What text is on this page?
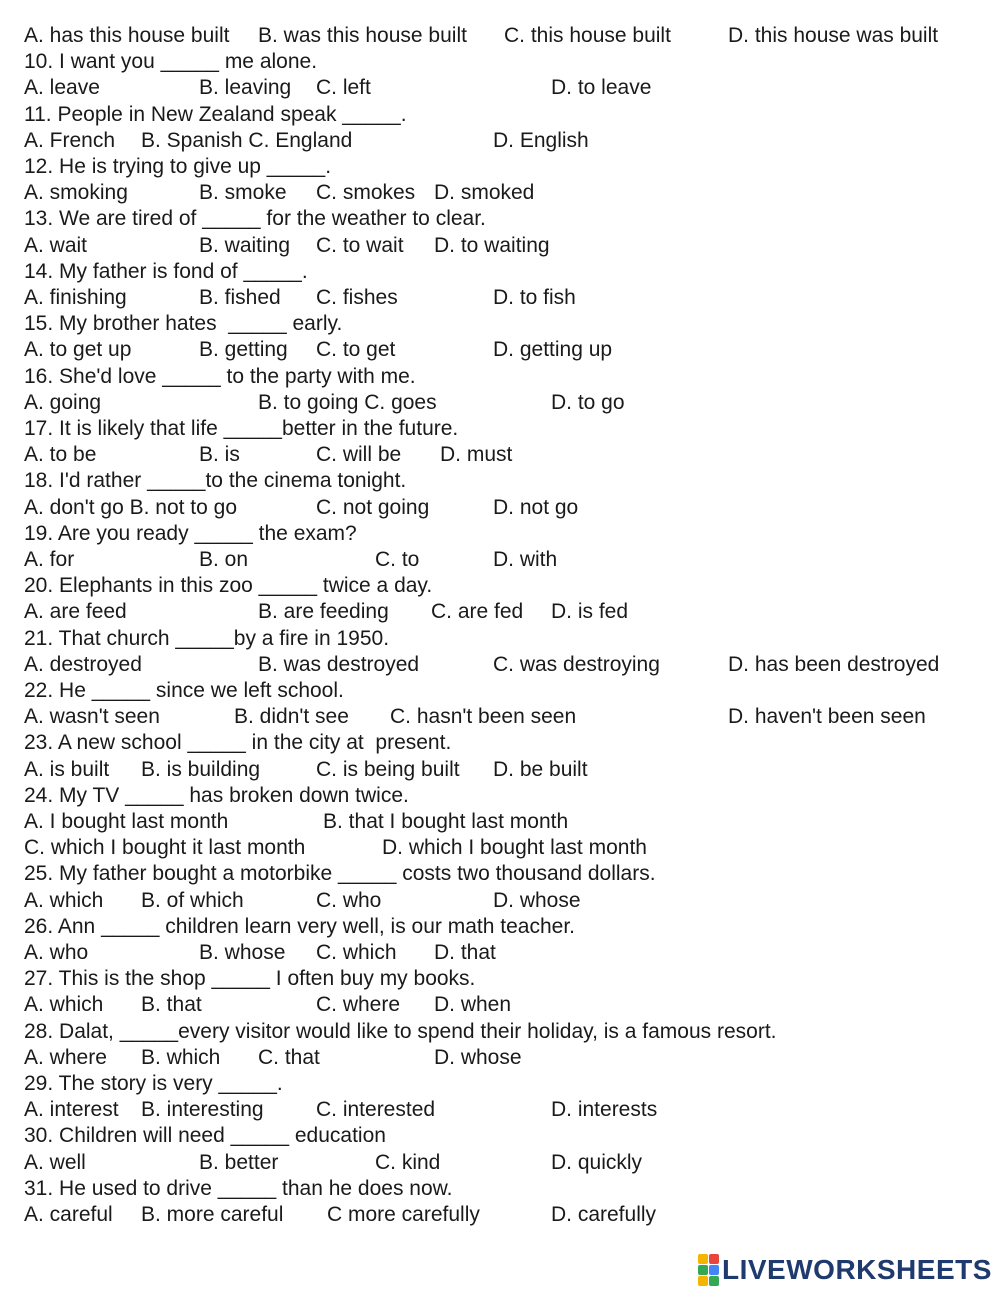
A. has this house built B. was this house built C. this house built	D. this house was built
10. I want you _____ me alone.
A. leave	B. leaving C. left	D. to leave
11. People in New Zealand speak _____.
A. French B. Spanish C. England	D. English
12. He is trying to give up _____.
A. smoking	B. smoke C. smokes D. smoked
13. We are tired of _____ for the weather to clear.
A. wait	B. waiting C. to wait D. to waiting
14. My father is fond of _____.
A. finishing	B. fished C. fishes	D. to fish
15. My brother hates  _____ early.
A. to get up	B. getting C. to get	D. getting up
16. She'd love _____ to the party with me.
A. going	B. to going C. goes	D. to go
17. It is likely that life _____better in the future.
A. to be	B. is	C. will be D. must
18. I'd rather _____to the cinema tonight.
A. don't go B. not to go	C. not going	D. not go
19. Are you ready _____ the exam?
A. for	B. on	C. to	D. with
20. Elephants in this zoo _____ twice a day.
A. are feed	B. are feeding C. are fed D. is fed
21. That church _____by a fire in 1950.
A. destroyed	B. was destroyed	C. was destroying	D. has been destroyed
22. He _____ since we left school.
A. wasn't seen	B. didn't see C. hasn't been seen	D. haven't been seen
23. A new school _____ in the city at  present.
A. is built B. is building	C. is being built D. be built
24. My TV _____ has broken down twice.
A. I bought last month	B. that I bought last month
C. which I bought it last month	D. which I bought last month
25. My father bought a motorbike _____ costs two thousand dollars.
A. which B. of which	C. who	D. whose
26. Ann _____ children learn very well, is our math teacher.
A. who	B. whose C. which D. that
27. This is the shop _____ I often buy my books.
A. which B. that	C. where D. when
28. Dalat, _____every visitor would like to spend their holiday, is a famous resort.
A. where B. which C. that	D. whose
29. The story is very _____.
A. interest B. interesting C. interested	D. interests
30. Children will need _____ education
A. well	B. better	C. kind	D. quickly
31. He used to drive _____ than he does now.
A. careful B. more careful C more carefully	D. carefully
LIVEWORKSHEETS
